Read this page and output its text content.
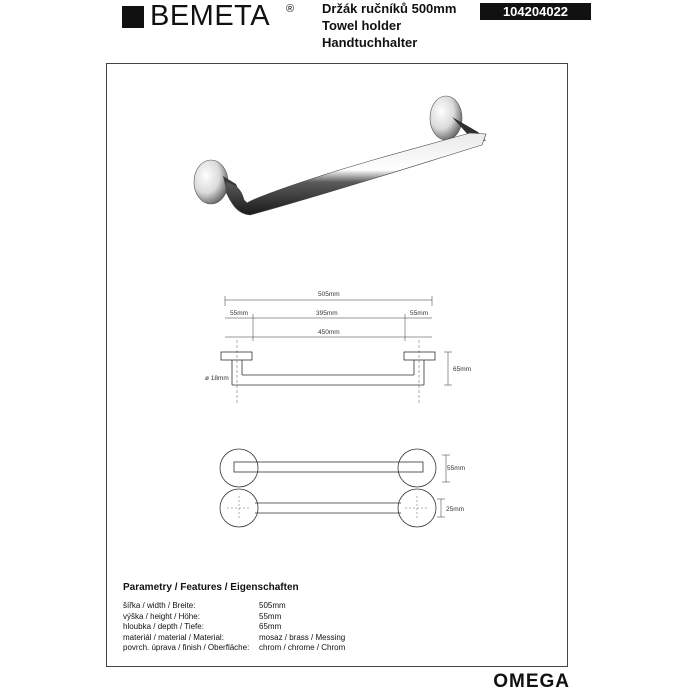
BEMETA ® Držák ručníků 500mm
Towel holder
Handtuchhalter
104204022
505mm
55mm	395mm	55mm
450mm
65mm
ø 18mm
55mm
25mm
Parametry / Features / Eigenschaften
šířka / width / Breite:	505mm
výška / height / Höhe:	55mm
hloubka / depth / Tiefe:	65mm
materiál / material / Material:	mosaz / brass / Messing
povrch. úprava / finish / Oberfläche: chrom / chrome / Chrom
OMEGA
